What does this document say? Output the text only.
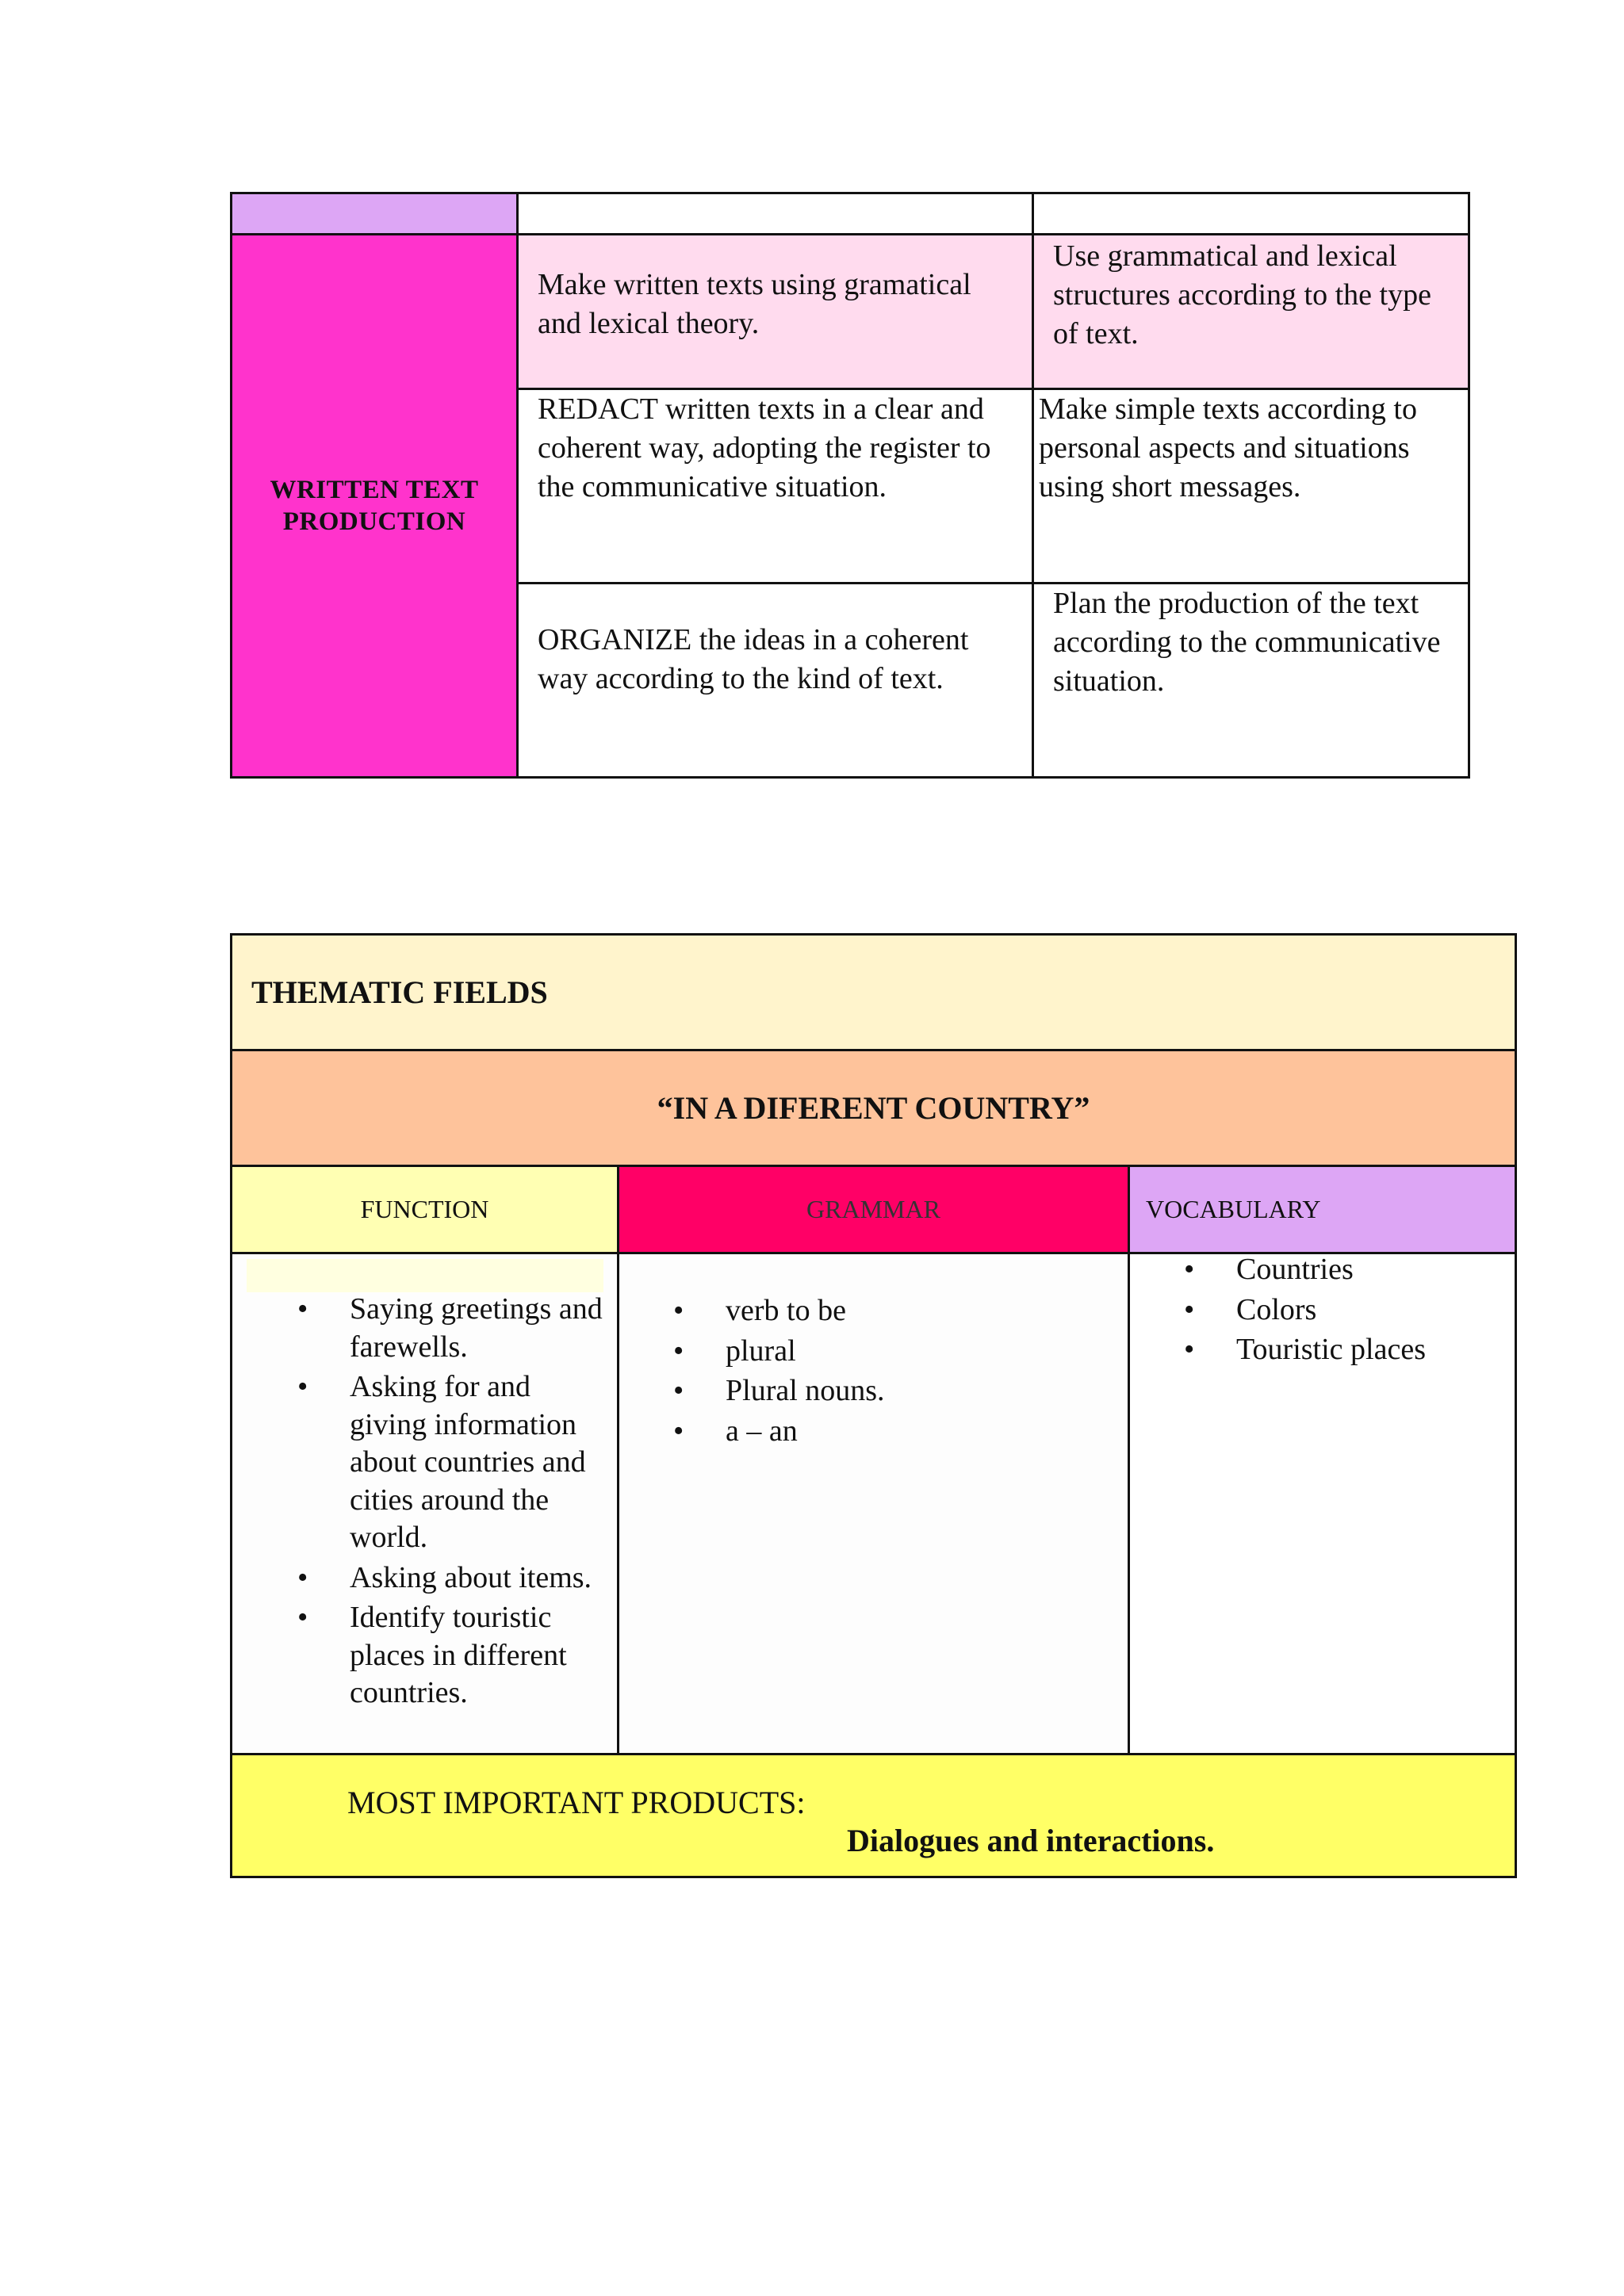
WRITTEN TEXT PRODUCTION
Make written texts using gramatical and lexical theory.
Use grammatical and lexical structures according to the type of text.
REDACT written texts in a clear and coherent way, adopting the register to the communicative situation.
Make simple texts according to personal aspects and situations using short messages.
ORGANIZE the ideas in a coherent way according to the kind of text.
Plan the production of the text according to the communicative situation.
THEMATIC FIELDS
“IN A DIFERENT COUNTRY”
FUNCTION	GRAMMAR	VOCABULARY
• Saying greetings and farewells.
• Asking for and giving information about countries and cities around the world.
• Asking about items.
• Identify touristic places in different countries.
• verb to be
• plural
• Plural nouns.
• a – an
• Countries
• Colors
• Touristic places
MOST IMPORTANT PRODUCTS:
Dialogues and interactions.
